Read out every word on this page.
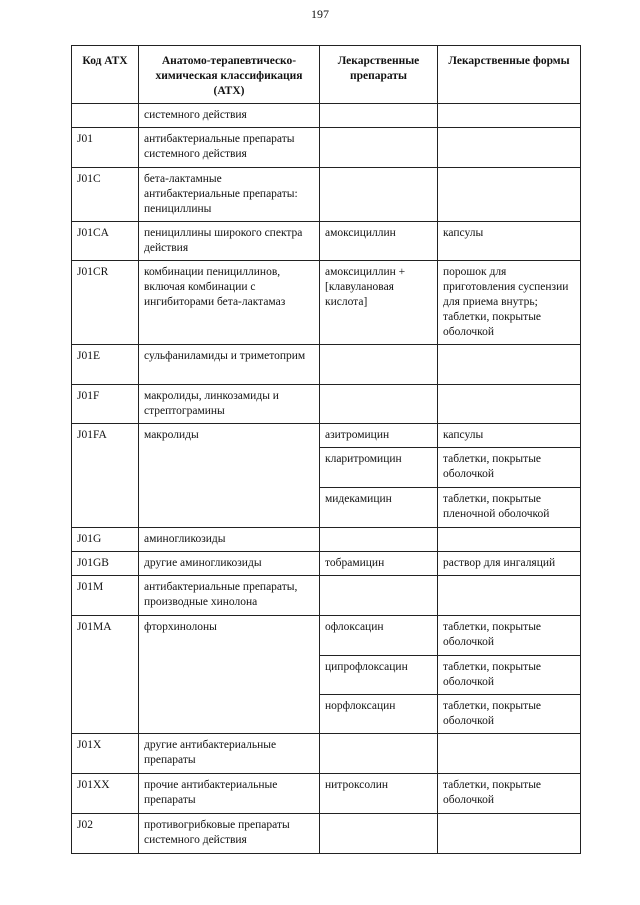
197
Код АТХ	Анатомо-терапевтическо-химическая классификация (АТХ)	Лекарственные препараты	Лекарственные формы
	системного действия		
J01	антибактериальные препараты системного действия		
J01C	бета-лактамные антибактериальные препараты: пенициллины		
J01CA	пенициллины широкого спектра действия	амоксициллин	капсулы
J01CR	комбинации пенициллинов, включая комбинации с ингибиторами бета-лактамаз	амоксициллин + [клавулановая кислота]	порошок для приготовления суспензии для приема внутрь; таблетки, покрытые оболочкой
J01E	сульфаниламиды и триметоприм		
J01F	макролиды, линкозамиды и стрептограмины		
J01FA	макролиды	азитромицин	капсулы
		кларитромицин	таблетки, покрытые оболочкой
		мидекамицин	таблетки, покрытые пленочной оболочкой
J01G	аминогликозиды		
J01GB	другие аминогликозиды	тобрамицин	раствор для ингаляций
J01M	антибактериальные препараты, производные хинолона		
J01MA	фторхинолоны	офлоксацин	таблетки, покрытые оболочкой
		ципрофлоксацин	таблетки, покрытые оболочкой
		норфлоксацин	таблетки, покрытые оболочкой
J01X	другие антибактериальные препараты		
J01XX	прочие антибактериальные препараты	нитроксолин	таблетки, покрытые оболочкой
J02	противогрибковые препараты системного действия		
